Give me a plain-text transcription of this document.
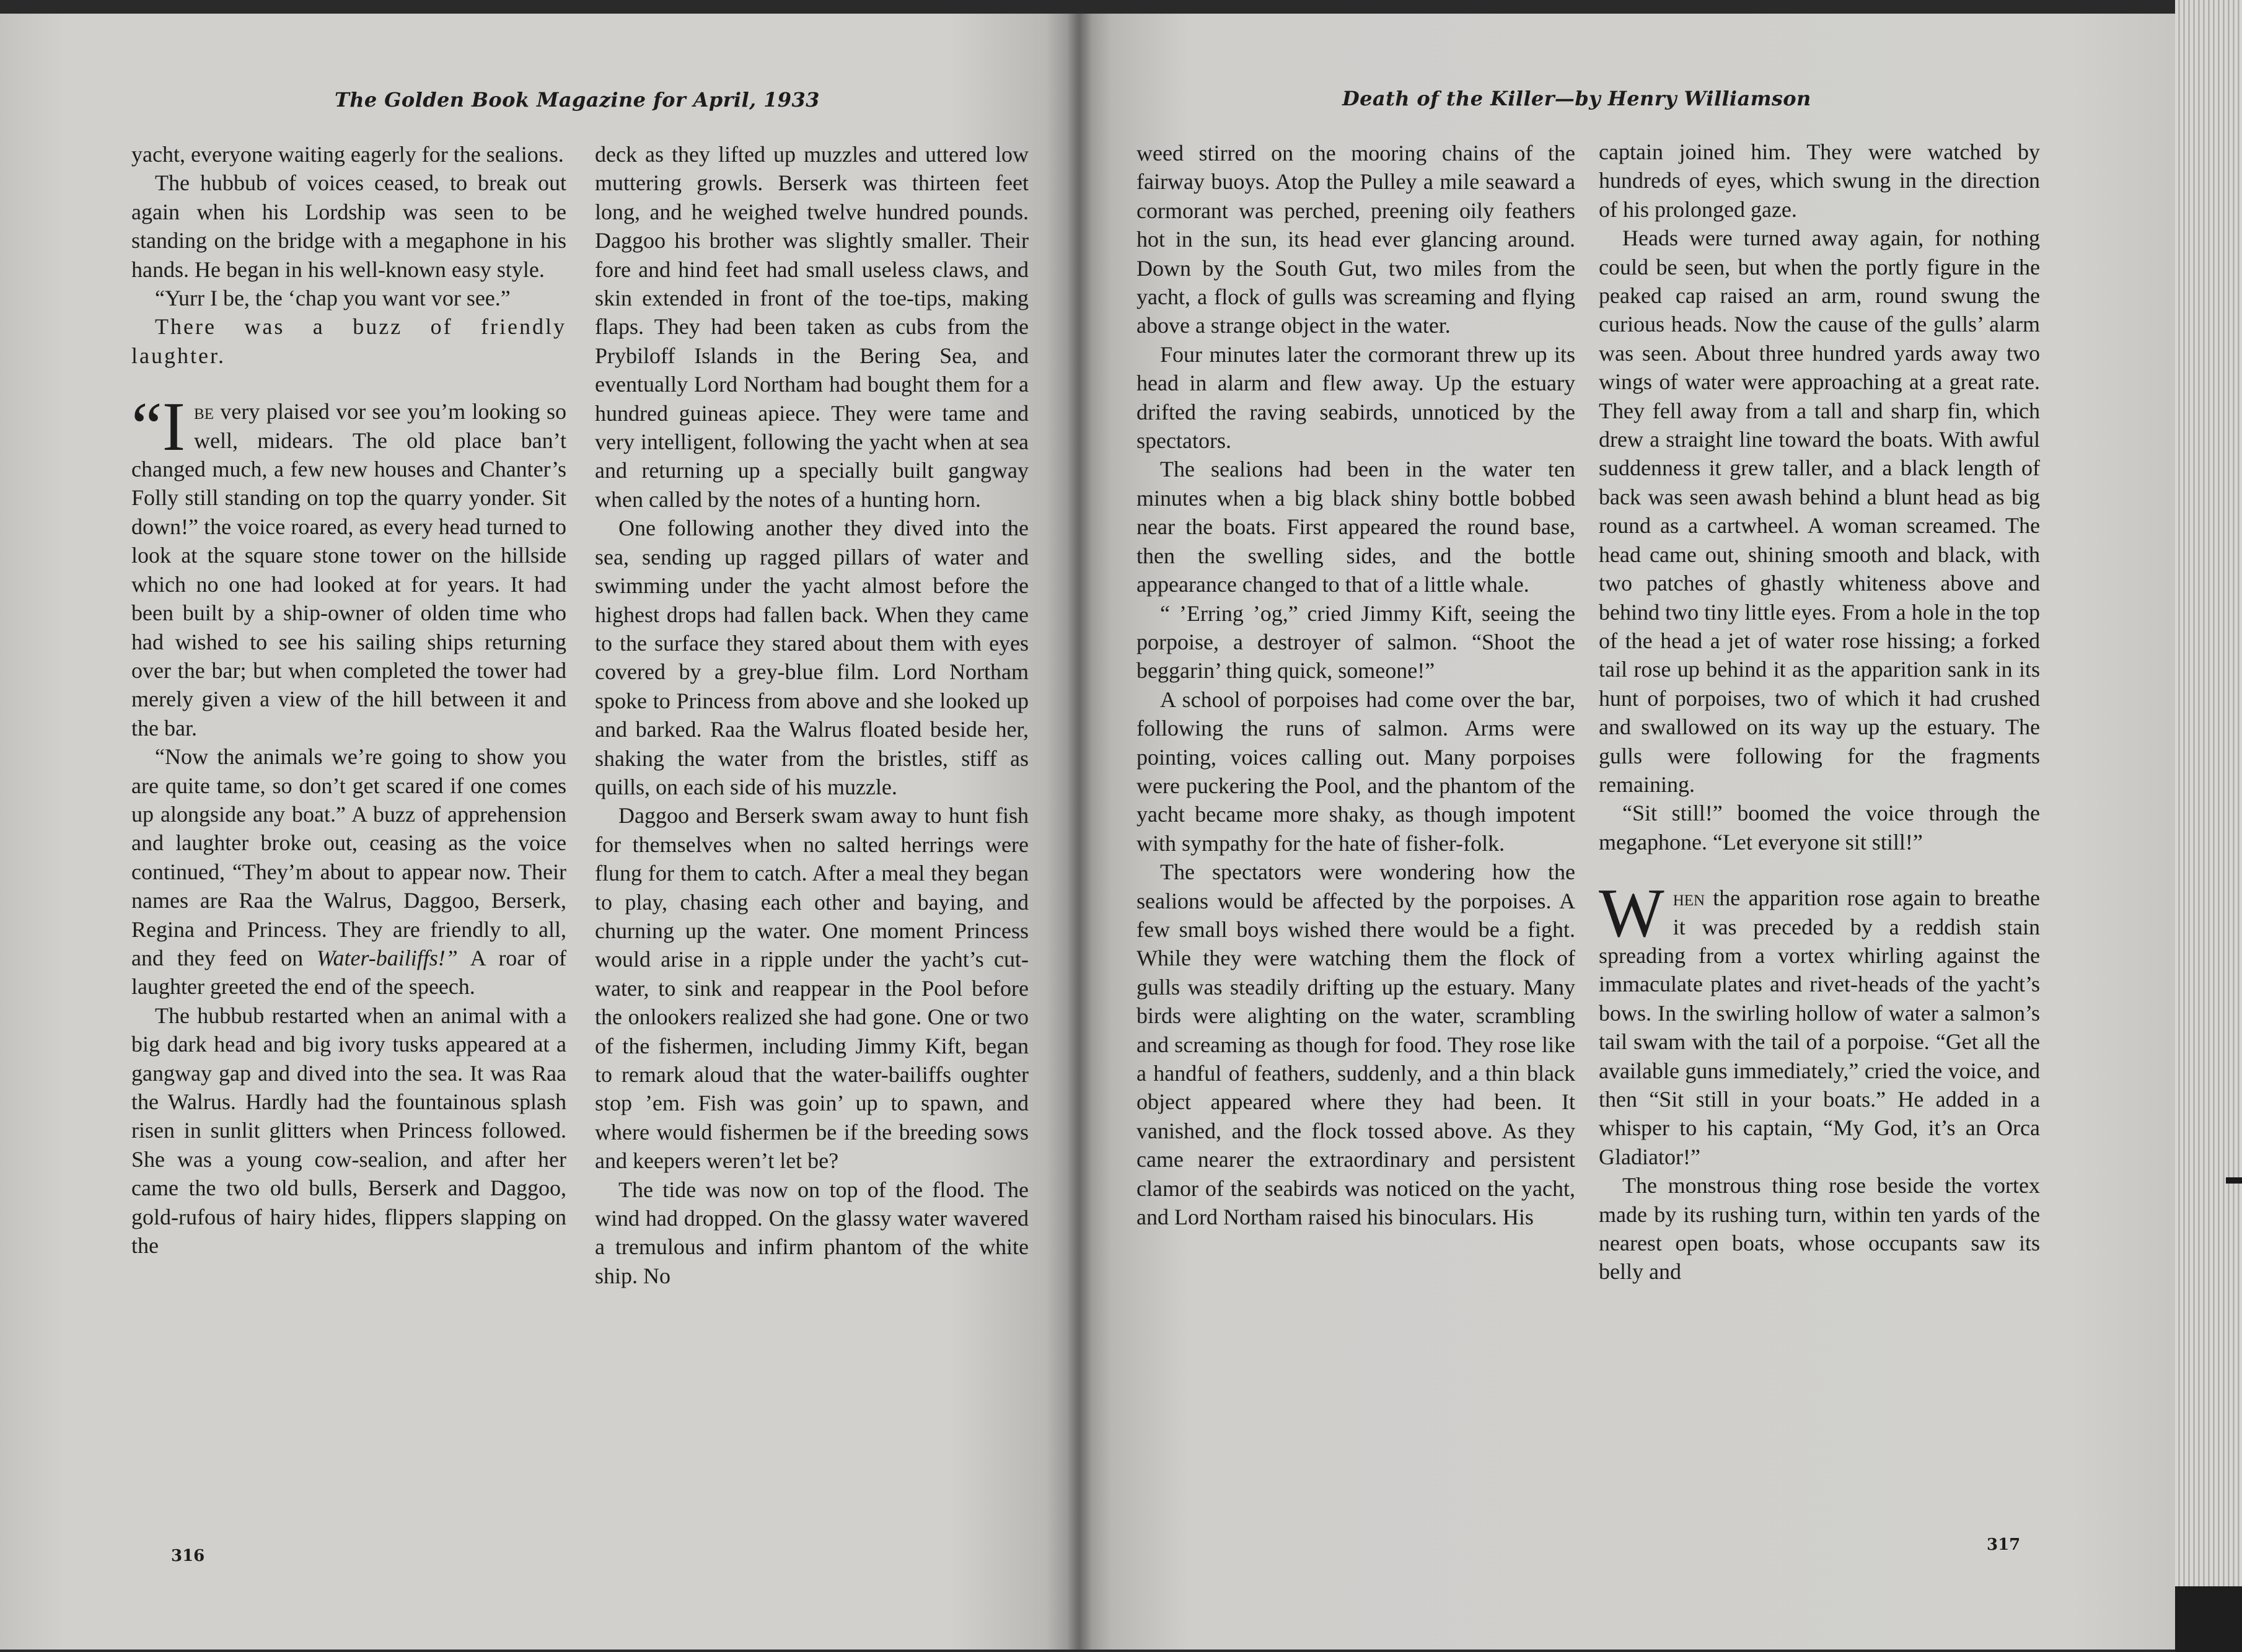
The Golden Book Magazine for April, 1933	Death of the Killer—by Henry Williamson

yacht, everyone waiting eagerly for the sealions.

The hubbub of voices ceased, to break out again when his Lordship was seen to be standing on the bridge with a megaphone in his hands. He began in his well-known easy style.

“Yurr I be, the ‘chap you want vor see.”

There was a buzz of friendly laughter.

“Ibe very plaised vor see you’m looking so well, midears. The old place ban’t changed much, a few new houses and Chanter’s Folly still standing on top the quarry yonder. Sit down!” the voice roared, as every head turned to look at the square stone tower on the hillside which no one had looked at for years. It had been built by a ship-owner of olden time who had wished to see his sailing ships returning over the bar; but when completed the tower had merely given a view of the hill between it and the bar.

“Now the animals we’re going to show you are quite tame, so don’t get scared if one comes up alongside any boat.” A buzz of apprehension and laughter broke out, ceasing as the voice continued, “They’m about to appear now. Their names are Raa the Walrus, Daggoo, Berserk, Regina and Princess. They are friendly to all, and they feed on Water-bailiffs!” A roar of laughter greeted the end of the speech.

The hubbub restarted when an animal with a big dark head and big ivory tusks appeared at a gangway gap and dived into the sea. It was Raa the Walrus. Hardly had the fountainous splash risen in sunlit glitters when Princess followed. She was a young cow-sealion, and after her came the two old bulls, Berserk and Daggoo, gold-rufous of hairy hides, flippers slapping on the

deck as they lifted up muzzles and uttered low muttering growls. Berserk was thirteen feet long, and he weighed twelve hundred pounds. Daggoo his brother was slightly smaller. Their fore and hind feet had small useless claws, and skin extended in front of the toe-tips, making flaps. They had been taken as cubs from the Prybiloff Islands in the Bering Sea, and eventually Lord Northam had bought them for a hundred guineas apiece. They were tame and very intelligent, following the yacht when at sea and returning up a specially built gangway when called by the notes of a hunting horn.

One following another they dived into the sea, sending up ragged pillars of water and swimming under the yacht almost before the highest drops had fallen back. When they came to the surface they stared about them with eyes covered by a grey-blue film. Lord Northam spoke to Princess from above and she looked up and barked. Raa the Walrus floated beside her, shaking the water from the bristles, stiff as quills, on each side of his muzzle.

Daggoo and Berserk swam away to hunt fish for themselves when no salted herrings were flung for them to catch. After a meal they began to play, chasing each other and baying, and churning up the water. One moment Princess would arise in a ripple under the yacht’s cut-water, to sink and reappear in the Pool before the onlookers realized she had gone. One or two of the fishermen, including Jimmy Kift, began to remark aloud that the water-bailiffs oughter stop ’em. Fish was goin’ up to spawn, and where would fishermen be if the breeding sows and keepers weren’t let be?

The tide was now on top of the flood. The wind had dropped. On the glassy water wavered a tremulous and infirm phantom of the white ship. No

weed stirred on the mooring chains of the fairway buoys. Atop the Pulley a mile seaward a cormorant was perched, preening oily feathers hot in the sun, its head ever glancing around. Down by the South Gut, two miles from the yacht, a flock of gulls was screaming and flying above a strange object in the water.

Four minutes later the cormorant threw up its head in alarm and flew away. Up the estuary drifted the raving seabirds, unnoticed by the spectators.

The sealions had been in the water ten minutes when a big black shiny bottle bobbed near the boats. First appeared the round base, then the swelling sides, and the bottle appearance changed to that of a little whale.

“ ’Erring ’og,” cried Jimmy Kift, seeing the porpoise, a destroyer of salmon. “Shoot the beggarin’ thing quick, someone!”

A school of porpoises had come over the bar, following the runs of salmon. Arms were pointing, voices calling out. Many porpoises were puckering the Pool, and the phantom of the yacht became more shaky, as though impotent with sympathy for the hate of fisher-folk.

The spectators were wondering how the sealions would be affected by the porpoises. A few small boys wished there would be a fight. While they were watching them the flock of gulls was steadily drifting up the estuary. Many birds were alighting on the water, scrambling and screaming as though for food. They rose like a handful of feathers, suddenly, and a thin black object appeared where they had been. It vanished, and the flock tossed above. As they came nearer the extraordinary and persistent clamor of the seabirds was noticed on the yacht, and Lord Northam raised his binoculars. His

captain joined him. They were watched by hundreds of eyes, which swung in the direction of his prolonged gaze.

Heads were turned away again, for nothing could be seen, but when the portly figure in the peaked cap raised an arm, round swung the curious heads. Now the cause of the gulls’ alarm was seen. About three hundred yards away two wings of water were approaching at a great rate. They fell away from a tall and sharp fin, which drew a straight line toward the boats. With awful suddenness it grew taller, and a black length of back was seen awash behind a blunt head as big round as a cartwheel. A woman screamed. The head came out, shining smooth and black, with two patches of ghastly whiteness above and behind two tiny little eyes. From a hole in the top of the head a jet of water rose hissing; a forked tail rose up behind it as the apparition sank in its hunt of porpoises, two of which it had crushed and swallowed on its way up the estuary. The gulls were following for the fragments remaining.

“Sit still!” boomed the voice through the megaphone. “Let everyone sit still!”

When the apparition rose again to breathe it was preceded by a reddish stain spreading from a vortex whirling against the immaculate plates and rivet-heads of the yacht’s bows. In the swirling hollow of water a salmon’s tail swam with the tail of a porpoise. “Get all the available guns immediately,” cried the voice, and then “Sit still in your boats.” He added in a whisper to his captain, “My God, it’s an Orca Gladiator!”

The monstrous thing rose beside the vortex made by its rushing turn, within ten yards of the nearest open boats, whose occupants saw its belly and

316
317
